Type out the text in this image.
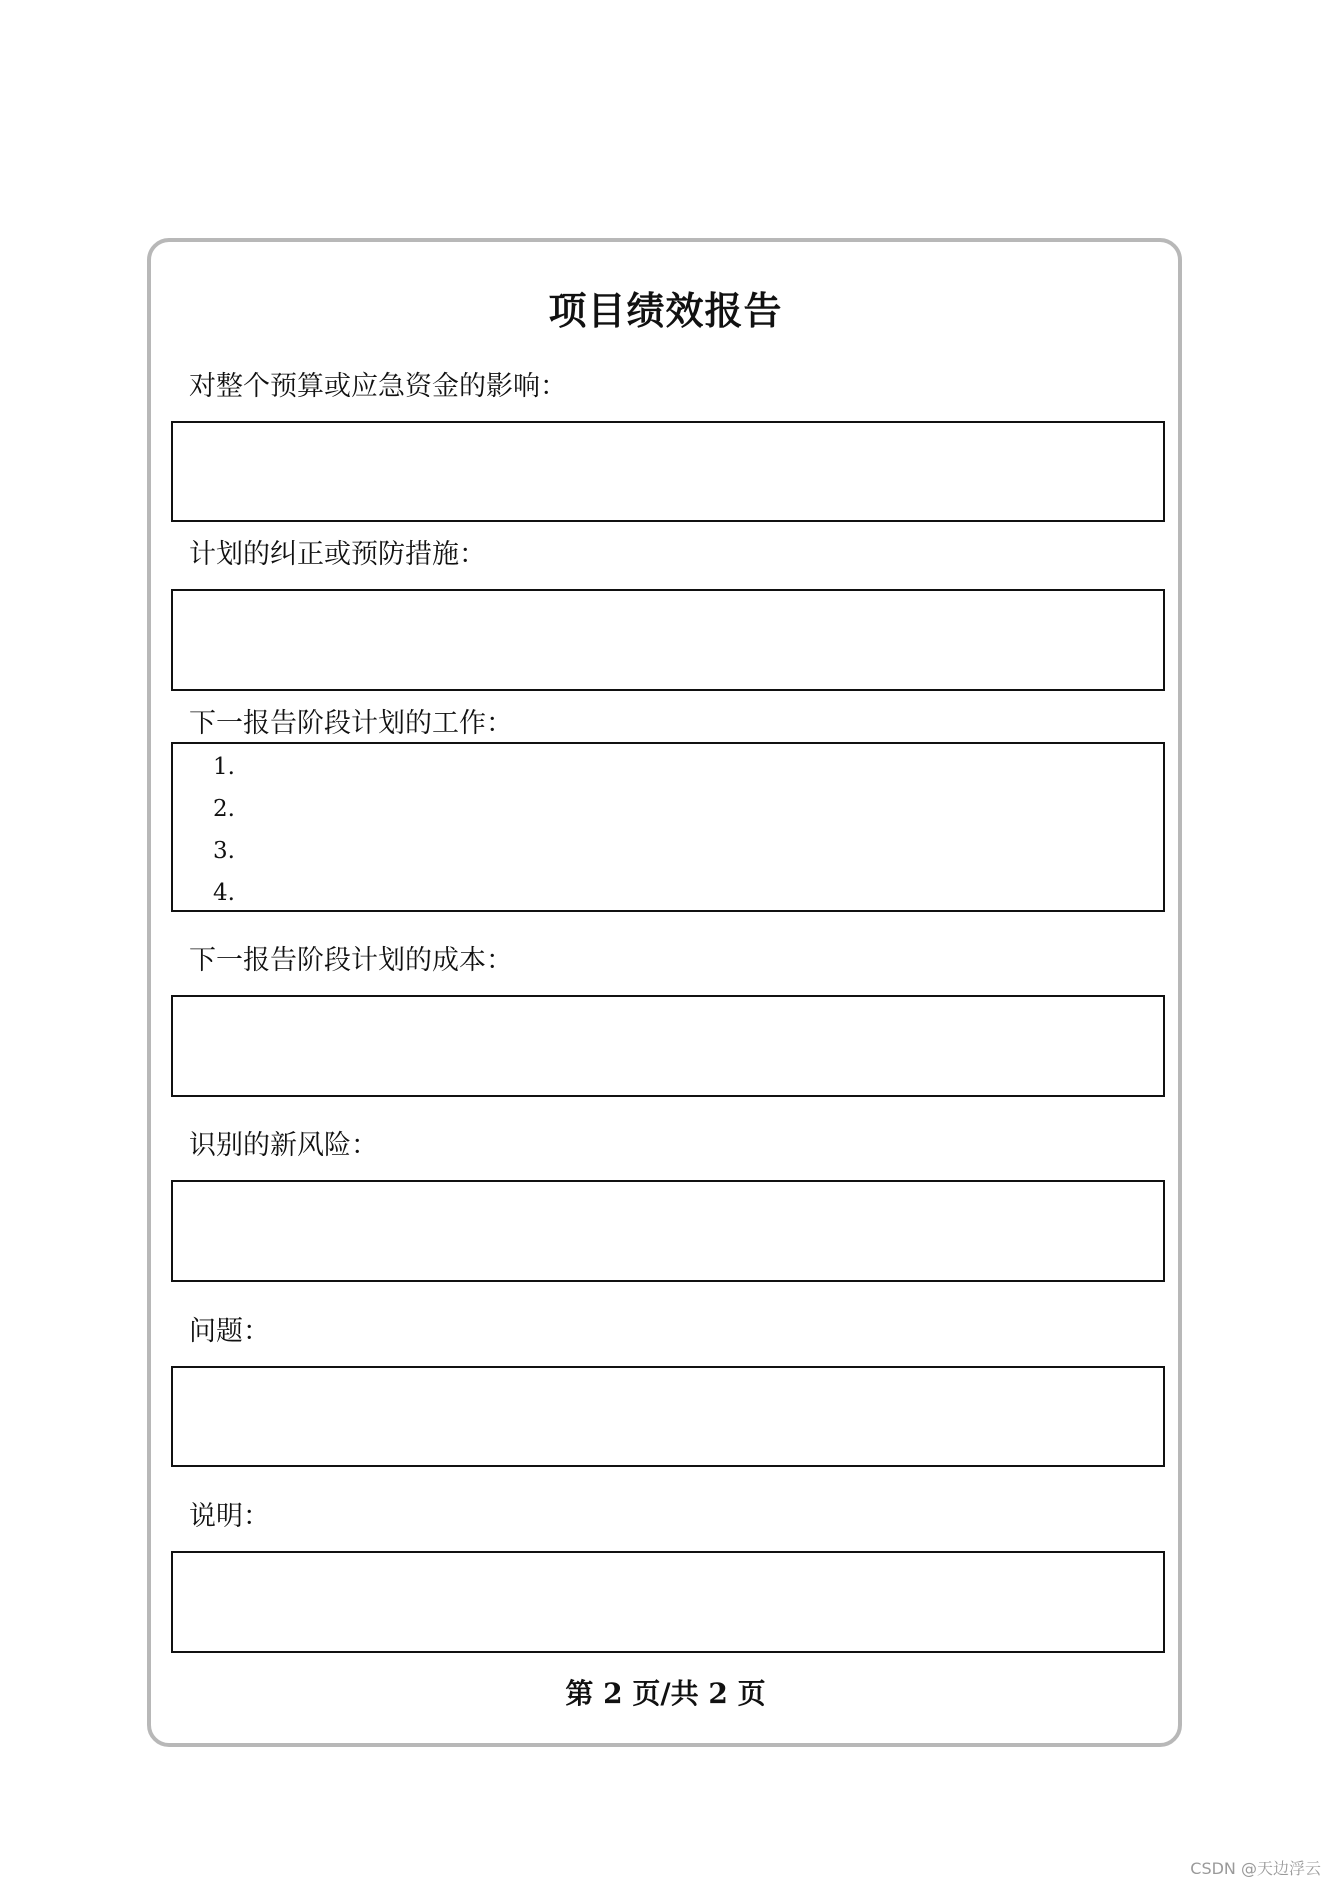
项目绩效报告
对整个预算或应急资金的影响：
计划的纠正或预防措施：
下一报告阶段计划的工作：
1.
2.
3.
4.
下一报告阶段计划的成本：
识别的新风险：
问题：
说明：
第 2 页/共 2 页
CSDN @天边浮云
